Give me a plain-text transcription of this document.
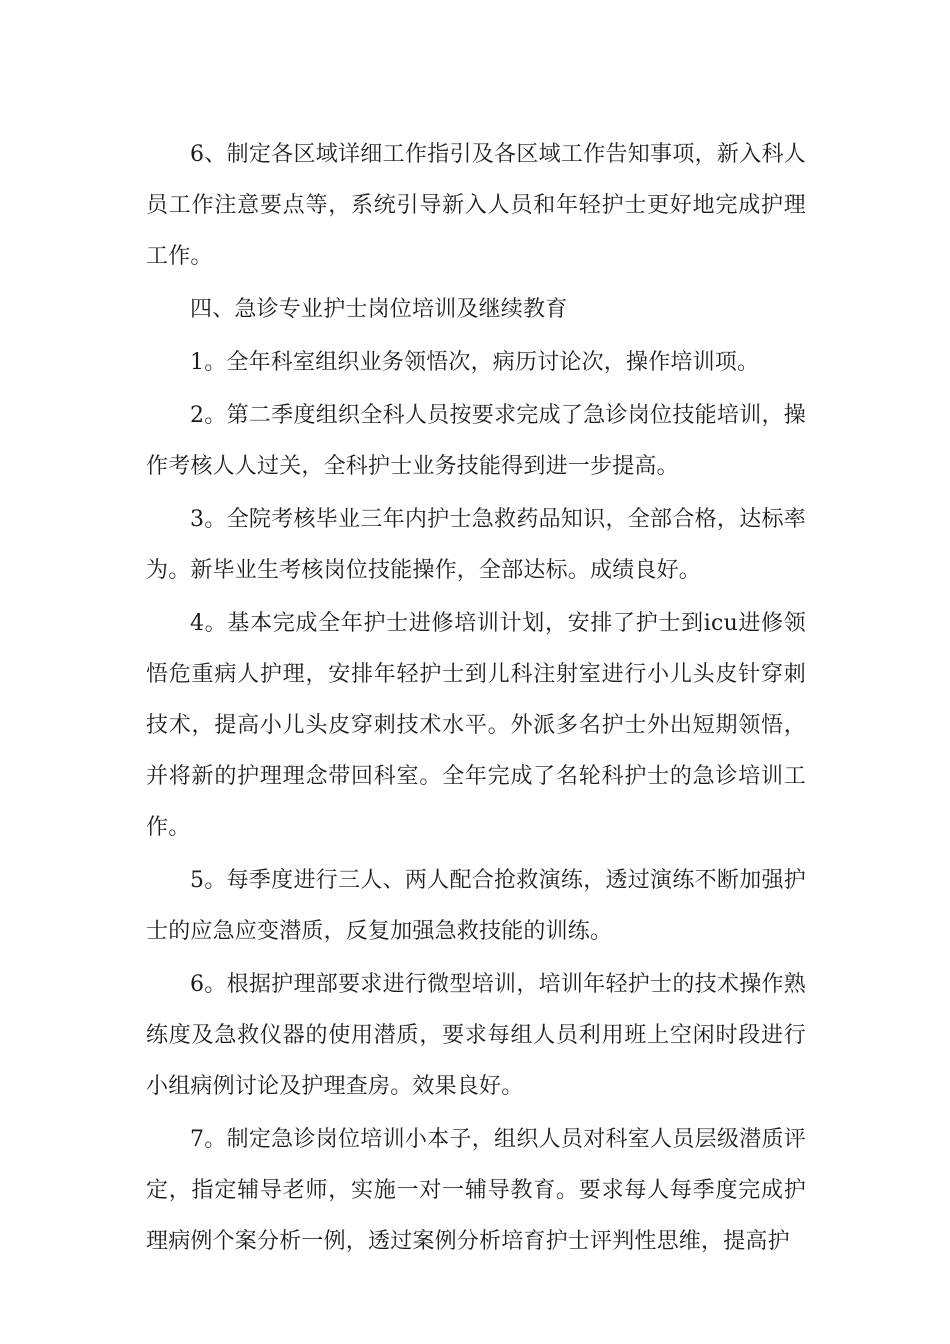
6、制定各区域详细工作指引及各区域工作告知事项，新入科人员工作注意要点等，系统引导新入人员和年轻护士更好地完成护理工作。

四、急诊专业护士岗位培训及继续教育

1。全年科室组织业务领悟次，病历讨论次，操作培训项。

2。第二季度组织全科人员按要求完成了急诊岗位技能培训，操作考核人人过关，全科护士业务技能得到进一步提高。

3。全院考核毕业三年内护士急救药品知识，全部合格，达标率为。新毕业生考核岗位技能操作，全部达标。成绩良好。

4。基本完成全年护士进修培训计划，安排了护士到icu进修领悟危重病人护理，安排年轻护士到儿科注射室进行小儿头皮针穿刺技术，提高小儿头皮穿刺技术水平。外派多名护士外出短期领悟，并将新的护理理念带回科室。全年完成了名轮科护士的急诊培训工作。

5。每季度进行三人、两人配合抢救演练，透过演练不断加强护士的应急应变潜质，反复加强急救技能的训练。

6。根据护理部要求进行微型培训，培训年轻护士的技术操作熟练度及急救仪器的使用潜质，要求每组人员利用班上空闲时段进行小组病例讨论及护理查房。效果良好。

7。制定急诊岗位培训小本子，组织人员对科室人员层级潜质评定，指定辅导老师，实施一对一辅导教育。要求每人每季度完成护理病例个案分析一例，透过案例分析培育护士评判性思维，提高护
